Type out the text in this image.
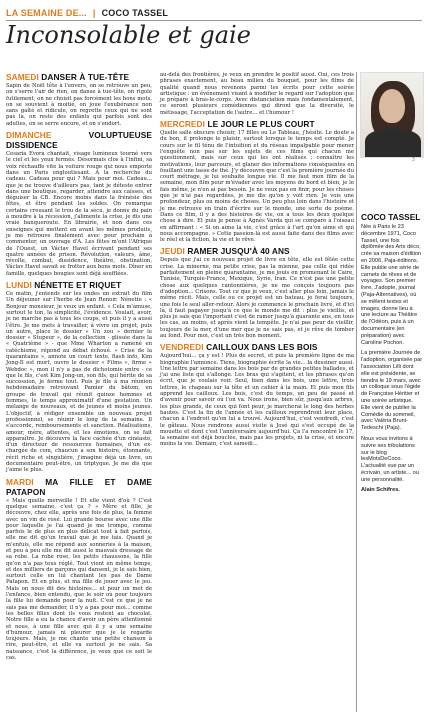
LA SEMAINE DE... | COCO TASSEL
Inconsolable et gaie
SAMEDI DANSER À TUE-TÊTE

Sapin de Noël tête à l'envers, on se retrouve un peu, on s'serre l'air de rien, on danse à tue-tête, on rigole futilement, on ne choisit pas forcément les bons mots, on se souvient à moitié, on joue l'exubérance non sans gaîté et ridicule, on regrette ceux qui ne sont pas là, on reste des enfants qui parfois sont des adultes, on se serre encore, et on s'endort.

DIMANCHE	VOLUPTUEUSE DISSIDENCE

Cesaria Evora chantait, visage lumineux tourné vers le ciel et les yeux fermés. Désormais clos à l'infini, sa voix réchauffe vite la voiture rouge qui nous emporte dans un Paris engloutissant. À la recherche du cadeau. Cadeau pour qui ? Mais pour moi. Cadeau... que je ne trouve d'ailleurs pas, tant je déteste entrer dans une boutique, regarder, attendre aux caisses, et déguiser la CB. Encore moins dans la frénésie des fêtes, et être pendant les soldes. On remarque certains creusant le trou de la sécu, je donne du pain à moudre à la récession, j'alimente la crise, je dis une vraie banqueroute. En librairie, et non dans ces enseignes qui mettent en avant les mêmes produits, je me retrouve finalement avec pour prochain à commenter, un ouvrage d'A. Les fêtes m'ont l'Afrique de l'Ouest, un Václav Havel écrivant pendant ses quatre années de prison. Révolution, valeurs, âme, révolte, combat, dissidence, théâtre, obstination, Václav Havel savait se frotter aux bons mots. Dîner en famille, quelques bougies sont déjà soufflées.

LUNDI NÉNETTE ET RIQUET

Ce matin, j'entends sur les ondes un extrait du film Un déjeuner sur l'herbe de Jean Renoir. Nénette : « Bonjour monsieur, je veux un enfant. » Cela m'amuse, surtout le ton, la simplicité, l'évidence. Voulait, avoir, je ne marche pas à tous les coups, et puis il y a aussi l'être. Je me mets à travailler, à vivre un projet, puis un autre, place le dossier « Un zou » dernier le dossier « Stupeur », de la collection - glissée dans la « Quatrième » - que Mme Wharton a ramené en catéchisme, répond au débat échoué. « Crise de la quarantaine », annote un court texte, flash info, Kim Jong-Il est mort, ouvre le dossier « Films », firme « Webdoc », mon il n'y a pas de dichotomie entre - ce que le fils, c'est Kim Jong-un, son fils, qui hérite de sa succession, je ferme tout. Puis je file à ma réunion hebdomadaire retrouvant Pamier du bâtom, en groupe de travail qui réunit quinze hommes et femmes, le temps approximatif d'une gestation. Un mélange de nouveaux, et de jeunes et moins jeunes. L'objectif, à rédiger ensemble un nouveau projet professionnel, se réunir le long de la semaine. Il s'accorde, remboursements et sanction. Réalisations, amour, mère, attentes, et les émotions, on se fait apparaître. Je découvre la face cachée d'un cinéaste, d'un directeur de ressources humaines, d'un ex-chargée de com, chaucun a son histoire, étonnante, récit riche et singulière, j'imagine déjà un livre, un documentaire peut-être, un triptyque. Je me dis que j'aime le plus.

MARDI MA FILLE ET DAME PATAPON

« Mais quelle merveille ! Et elle vient d'où ? C'est quelque semaine, c'est ça ? » Mère et fille, je découvre, chez elle, après une fois de plus, la femme avec un vin de rosé. Lui grande bourse avec une fille pour laquelle je l'ai quand je me trompe, comme parfois le de plus en plus délicat tout à fait parfois, elle me dit qu'un travail que je me tais. Quand je m'enfuis, elle me répond aux sonneries à la maison, et peu à peu elle me dit aussi le mauvais dressage de sa robe. La robe rose, les petits chaussons, la fille qu'on n'a pas tous réglé. Tout vient en même temps, et des milliers de garçons qui dansent, je le sais bien, surtout celle en lui chantant les pas de Dame Patapon. Et en plus, et ma fille de jouer avec le jeu. Mais on nous dit des histoires... et pour un mot de l'enfance, bien entendu, que le soir où pour toujours la fille lui demande pour la nuit. C'est ce que je ne sais pas me demander, il n'y a pas pour moi... comme les belles filles dont ils vous restent au chocolat. Notre fille a eu la chance d'avoir un père attentionné et nous, à une fille avec qui il y a une semaine d'humour, jamais ni pleurer que je le regarde toujours. Mais, je me chante une petite chanson à rire, peut-être, et elle va surtout je ne sais. Sa naissance, c'est la différence, je veux que ce soit le cas.

au-delà des frontières, je veux en prendre le positif aussi. Oui, ces trois phrases exactement, au beau milieu du bouquet, pour les films de qualité quand nous revenons parmi les écrits pour cette soirée artistique : un événement visant à modifier le regard sur l'adoption que je prépare à bras-le-corps. Avec distanciation mais fondamentalement, ce seront plusieurs comédiennes qui diront que la diversité, le métissage, l'acceptation de l'autre... et l'humour !

MERCREDI LE JOUR LE PLUS COURT

Quelle salle obscure choisir, 17 filles ou Le Tableau, j'hésite. Le doute a du bon, il prolonge le plaisir, surtout lorsque le temps est compté. Je cours sur le fil ténu de l'intuition et du réseau impalpable pour mener l'enquête non pas sur les sujets de ces films qui chacun me questionnent, mais sur ceux qui les ont réalisés ; connaître les motivations, leur parcours, et glaner des informations conséquentes en fouillant une tasse de thé. J'y découvre que c'est la première journée du court métrage, je lui souhaite longue vie. Il me faut mon film de la semaine, mon film pour m'évader avec les moyens du bord et bien, je le fais même, je n'en ai pas besoin. Je ne veux pas en finir, pour les choses que je n'ai pas regardées, je me dis qu'on y voit rien. Je vois une profondeur, plus ou moins de choses. Un peu plus loin dans l'histoire et je me retrouve en train d'écrire sur le monde, une sorte de poème. Dans ce film, il y a des histoires de vie, on a tous les deux quelque chose à dire. Et puis je pense à Agnès Varda qui se compare à l'oiseau en affirmant : « Si on aime la vie, c'est grâce à l'art qu'on aime et qui nous accompagne. » Cette passion-là est aussi faite dans des films avec le réel et la fiction, la vie et le rêve.

JEUDI RAMER JUSQU'À 40 ANS

Depuis que j'ai ce nouveau projet de livre en tête, elle est fêlée cette crise. La minerne, ma petite crise, pas la mienne, pas celle qui ridée parfaitement en pleine quarantaine, je me jouis en promenant le Caire, Tunisie, Turquie-France, Mexique, Syrie, Iran. Ce n'est pas une petite chose aux quelques cantonnières, je ne me conçois toujours pas d'adoption... Crisons. Tout ce que je veux, c'est aller plus loin, jamais le même récit. Mais, celle ou ce projet est un bateau, je ferai toujours, une fois le seul aller-retour. Alors je commence le prochain livre, et d'ici là, il faut pagayer jusqu'à ce que le monde me dit : plus je vieillis, et plus je sais que l'important c'est de ramer jusqu'à quarante ans, en tous les cas, au moins, et après vient la tempête. Je n'ai pas peur de vieillir, toujours de la mer, d'une mer que je ne sais pas, et je rêve de tomber au fond. Pour moi, c'est un très bon moment.

VENDREDI CAILLOUX DANS LES BOIS

Aujourd'hui... ça y est ! Plus de secret, et puis la première ligne de ma biographie l'annonce. Tiens, biographie écrite la vie... la dessiner aussi. Une lettre par semaine dans les bois par de grandes petites ballades, et j'ai une liste qui s'allonge. Les bras qui s'agitent, et les phrases qu'on écrit, que je voulais voir. Seul, bien dans les bois, une lettre, trois lettres, le chapeau sur la tête et un cahier à la main. Et puis mon fils apprend les cailloux. Les bois, c'est du temps, un peu de passé et d'avenir pour savoir où l'on va. Nous irons, bien sûr, jusqu'aux arbres, les plus grands, de ceux qui font peur, je marcherai le long des herbes hautes. C'est la fin de l'année et les cailloux reprendront leur place, chacun à l'endroit qu'on lui a trouvé. Aujourd'hui, c'est vendredi, c'est le gâteau. Nous rendrons aussi visite à José qui s'est occupé de la mouette et dont c'est l'anniversaire aujourd'hui. Ça l'a rencontré le 17, la semaine est déjà bouclée, mais pas les projets, ni la crise, et encore moins la vie. Demain, c'est samedi...

3
COCO TASSEL

Née à Paris le 23 décembre 1971, Coco Tassel, une fois diplômée des Arts déco, crée sa maison d'édition en 2006, Paja-éditions. Elle publie une série de carnets de rêves et de voyages. Son premier livre, J'adopte, journal (Paja-Alternatives), où se mêlent textes et images, donne lieu à une lecture au Théâtre de l'Odéon, puis à un documentaire (en préparation) avec Caroline Pochon.

La première Journée de l'adoption, organisée par l'association Lilli dont elle est présidente, se tiendra le 19 mars, avec un colloque sous l'égide de Françoise Héritier et une soirée artistique. Elle vient de publier la Comédie du sommeil, avec Valéria Bruni-Tedeschi (Paja).

Nous vous invitons à suivre ses tribulations sur le blog lesMotsDeCoco. L'actualité vue par un écrivain, un artiste... ou une personnalité.

Alain Schifres.
